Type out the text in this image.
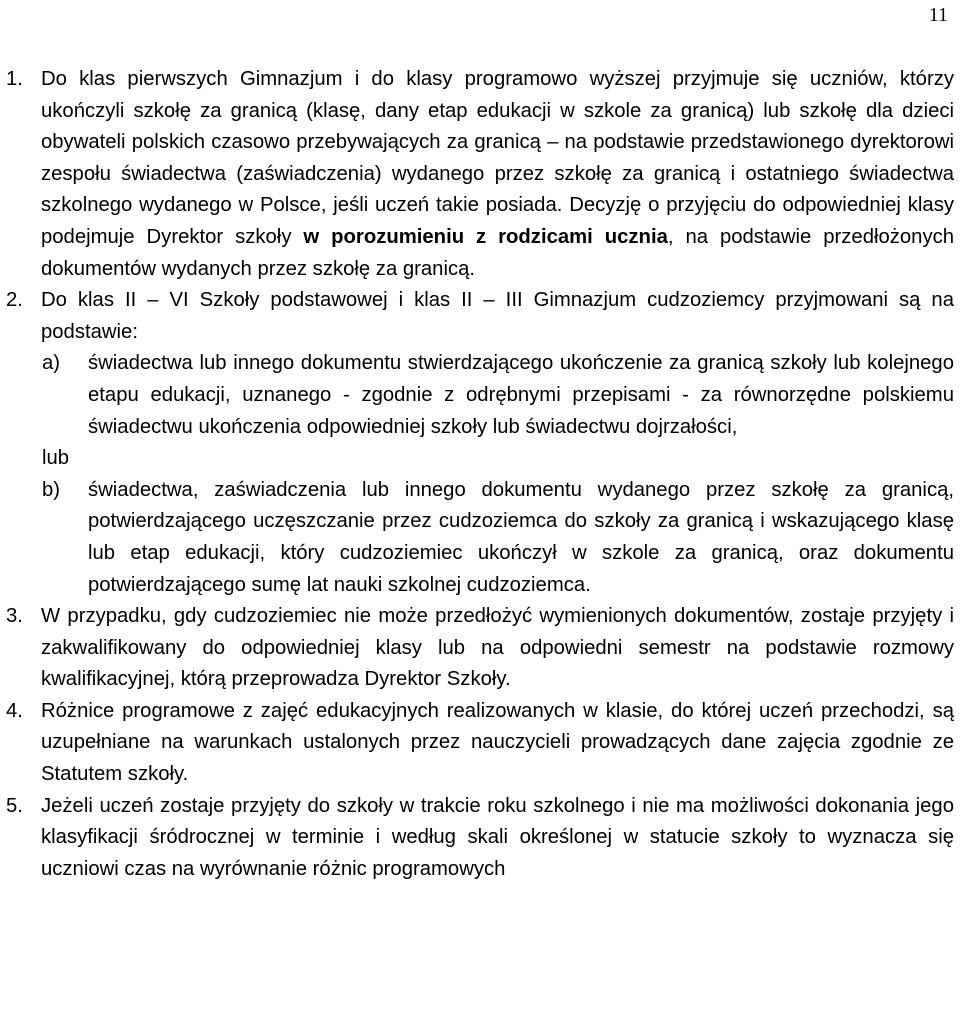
11
1. Do klas pierwszych Gimnazjum i do klasy programowo wyższej przyjmuje się uczniów, którzy ukończyli szkołę za granicą (klasę, dany etap edukacji w szkole za granicą) lub szkołę dla dzieci obywateli polskich czasowo przebywających za granicą – na podstawie przedstawionego dyrektorowi zespołu świadectwa (zaświadczenia) wydanego przez szkołę za granicą i ostatniego świadectwa szkolnego wydanego w Polsce, jeśli uczeń takie posiada. Decyzję o przyjęciu do odpowiedniej klasy podejmuje Dyrektor szkoły w porozumieniu z rodzicami ucznia, na podstawie przedłożonych dokumentów wydanych przez szkołę za granicą.
2. Do klas II – VI Szkoły podstawowej i klas II – III Gimnazjum cudzoziemcy przyjmowani są na podstawie:
a) świadectwa lub innego dokumentu stwierdzającego ukończenie za granicą szkoły lub kolejnego etapu edukacji, uznanego - zgodnie z odrębnymi przepisami - za równorzędne polskiemu świadectwu ukończenia odpowiedniej szkoły lub świadectwu dojrzałości,
lub
b) świadectwa, zaświadczenia lub innego dokumentu wydanego przez szkołę za granicą, potwierdzającego uczęszczanie przez cudzoziemca do szkoły za granicą i wskazującego klasę lub etap edukacji, który cudzoziemiec ukończył w szkole za granicą, oraz dokumentu potwierdzającego sumę lat nauki szkolnej cudzoziemca.
3. W przypadku, gdy cudzoziemiec nie może przedłożyć wymienionych dokumentów, zostaje przyjęty i zakwalifikowany do odpowiedniej klasy lub na odpowiedni semestr na podstawie rozmowy kwalifikacyjnej, którą przeprowadza Dyrektor Szkoły.
4. Różnice programowe z zajęć edukacyjnych realizowanych w klasie, do której uczeń przechodzi, są uzupełniane na warunkach ustalonych przez nauczycieli prowadzących dane zajęcia zgodnie ze Statutem szkoły.
5. Jeżeli uczeń zostaje przyjęty do szkoły w trakcie roku szkolnego i nie ma możliwości dokonania jego klasyfikacji śródrocznej w terminie i według skali określonej w statucie szkoły to wyznacza się uczniowi czas na wyrównanie różnic programowych
